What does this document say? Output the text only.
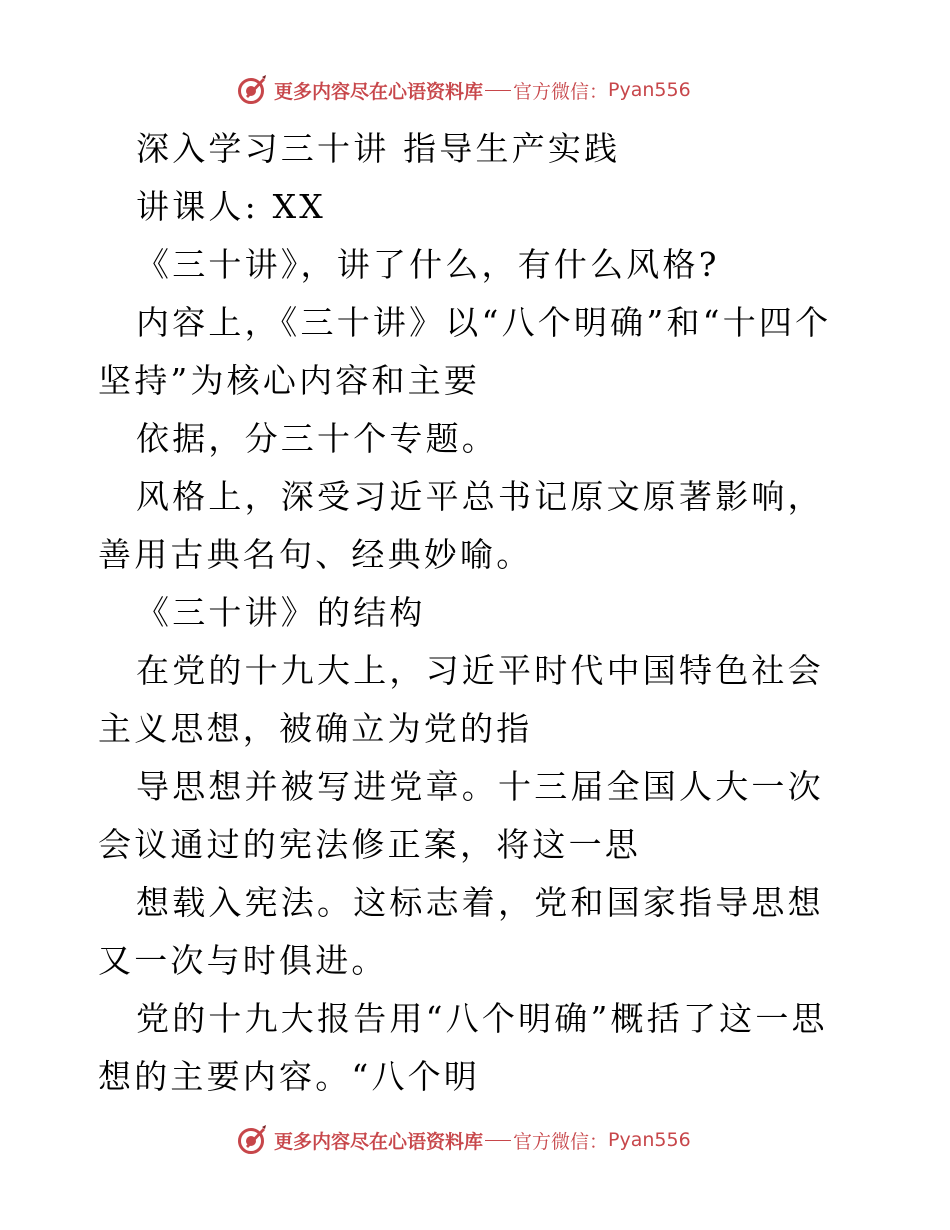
更多内容尽在心语资料库 官方微信： Pyan556

深入学习三十讲 指导生产实践

讲课人: XX

《三十讲》，讲了什么，有什么风格?

内容上，《三十讲》以“八个明确”和“十四个坚持”为核心内容和主要

依据，分三十个专题。

风格上，深受习近平总书记原文原著影响，善用古典名句、经典妙喻。

《三十讲》的结构

在党的十九大上，习近平时代中国特色社会主义思想，被确立为党的指

导思想并被写进党章。十三届全国人大一次会议通过的宪法修正案，将这一思

想载入宪法。这标志着，党和国家指导思想又一次与时俱进。

党的十九大报告用“八个明确”概括了这一思想的主要内容。“八个明

更多内容尽在心语资料库 官方微信： Pyan556
